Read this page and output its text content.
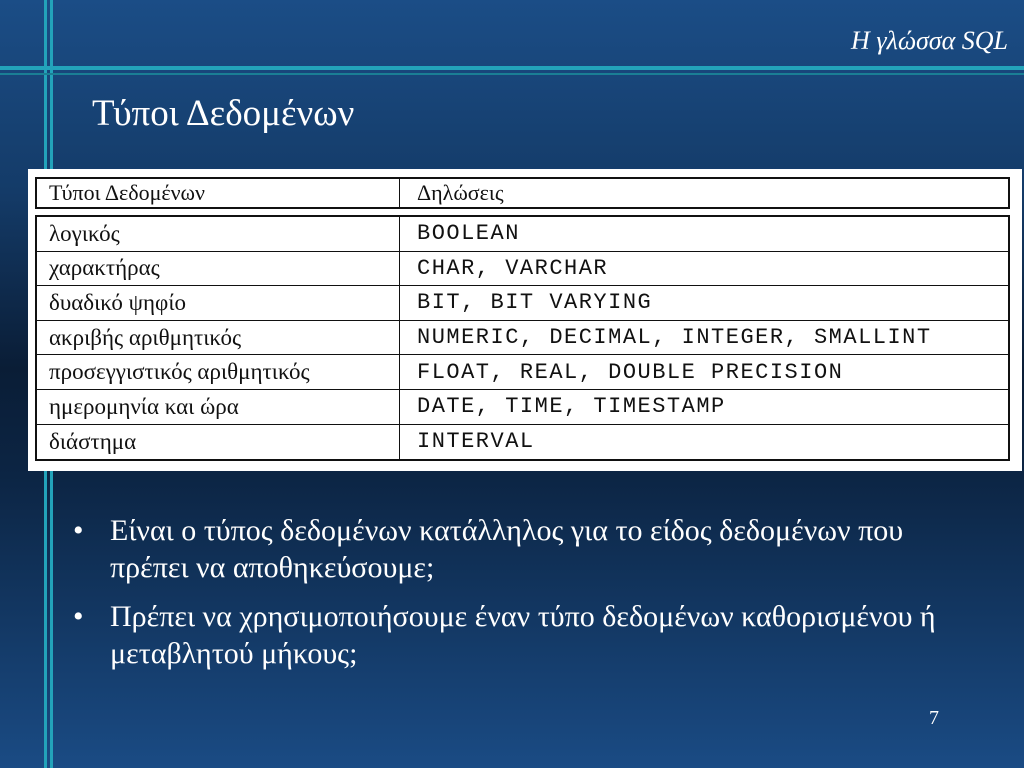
Η γλώσσα SQL
Τύποι Δεδομένων
Τύποι Δεδομένων	Δηλώσεις
λογικός	BOOLEAN
χαρακτήρας	CHAR, VARCHAR
δυαδικό ψηφίο	BIT, BIT VARYING
ακριβής αριθμητικός	NUMERIC, DECIMAL, INTEGER, SMALLINT
προσεγγιστικός αριθμητικός	FLOAT, REAL, DOUBLE PRECISION
ημερομηνία και ώρα	DATE, TIME, TIMESTAMP
διάστημα	INTERVAL
• Είναι ο τύπος δεδομένων κατάλληλος για το είδος δεδομένων που πρέπει να αποθηκεύσουμε;
• Πρέπει να χρησιμοποιήσουμε έναν τύπο δεδομένων καθορισμένου ή μεταβλητού μήκους;
7
